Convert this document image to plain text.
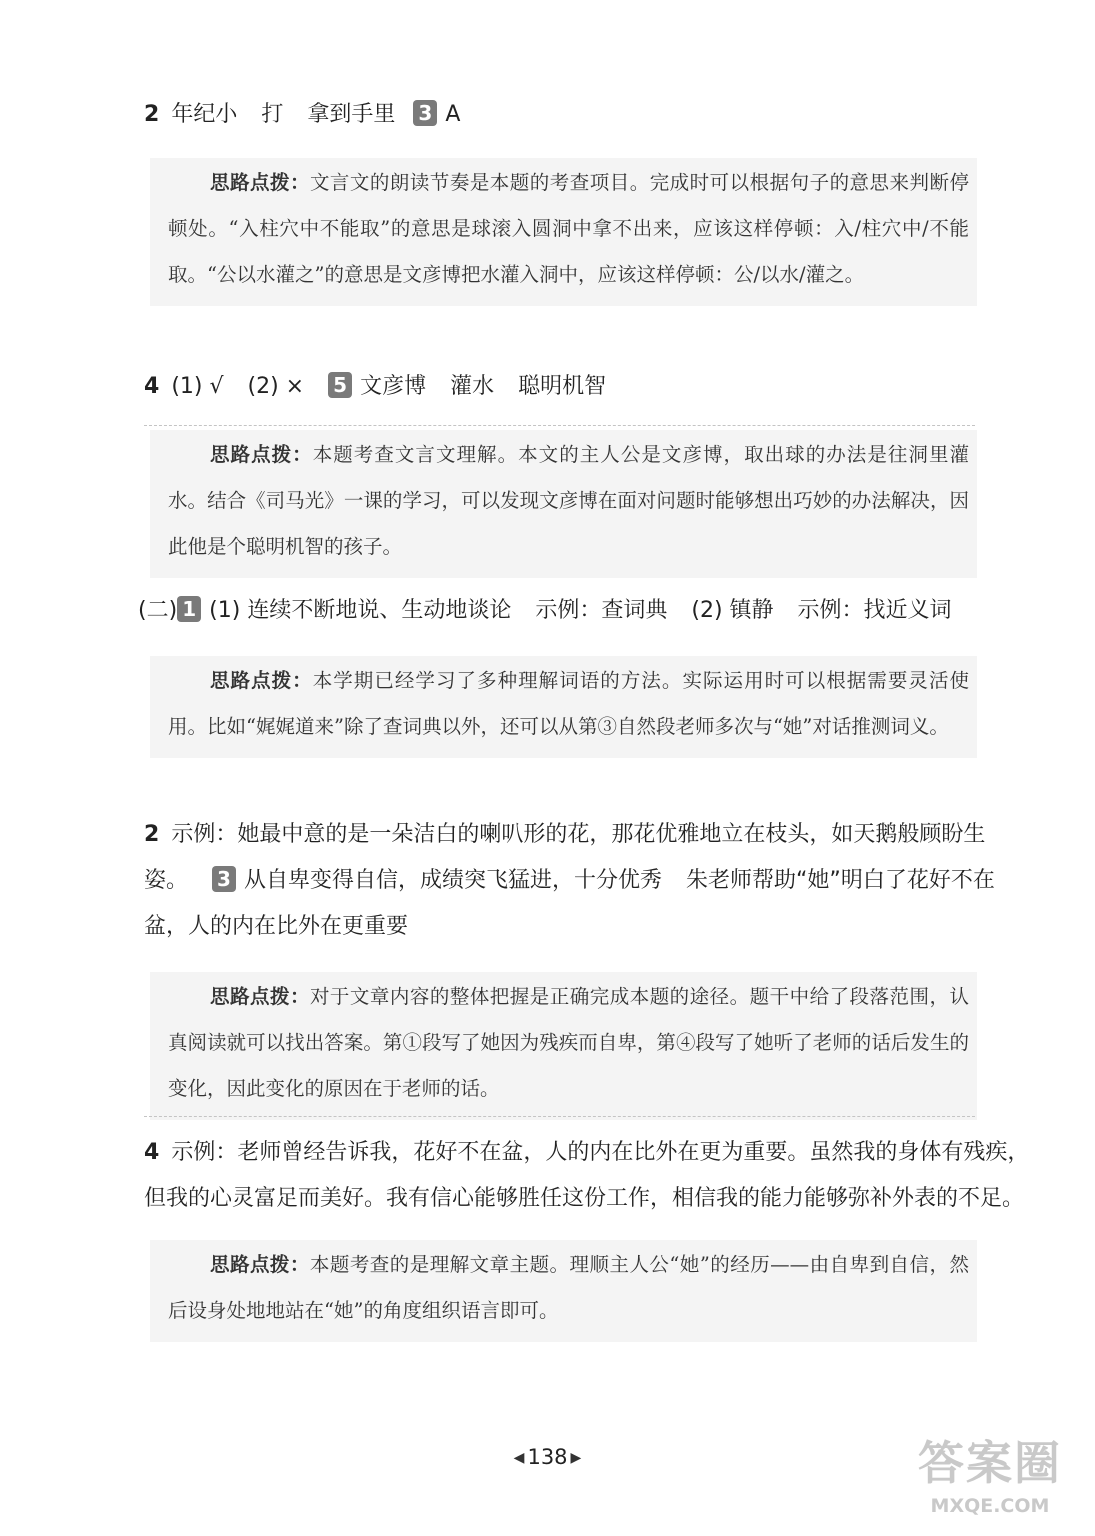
2 年纪小 打 拿到手里 3 A
思路点拨：文言文的朗读节奏是本题的考查项目。完成时可以根据句子的意思来判断停顿处。“入柱穴中不能取”的意思是球滚入圆洞中拿不出来，应该这样停顿：入/柱穴中/不能取。“公以水灌之”的意思是文彦博把水灌入洞中，应该这样停顿：公/以水/灌之。
4 (1) √ (2) × 5 文彦博 灌水 聪明机智
思路点拨：本题考查文言文理解。本文的主人公是文彦博，取出球的办法是往洞里灌水。结合《司马光》一课的学习，可以发现文彦博在面对问题时能够想出巧妙的办法解决，因此他是个聪明机智的孩子。
(二) 1 (1) 连续不断地说、生动地谈论 示例：查词典 (2) 镇静 示例：找近义词
思路点拨：本学期已经学习了多种理解词语的方法。实际运用时可以根据需要灵活使用。比如“娓娓道来”除了查词典以外，还可以从第③自然段老师多次与“她”对话推测词义。
2 示例：她最中意的是一朵洁白的喇叭形的花，那花优雅地立在枝头，如天鹅般顾盼生
姿。 3 从自卑变得自信，成绩突飞猛进，十分优秀 朱老师帮助“她”明白了花好不在
盆，人的内在比外在更重要
思路点拨：对于文章内容的整体把握是正确完成本题的途径。题干中给了段落范围，认真阅读就可以找出答案。第①段写了她因为残疾而自卑，第④段写了她听了老师的话后发生的变化，因此变化的原因在于老师的话。
4 示例：老师曾经告诉我，花好不在盆，人的内在比外在更为重要。虽然我的身体有残疾，
但我的心灵富足而美好。我有信心能够胜任这份工作，相信我的能力能够弥补外表的不足。
思路点拨：本题考查的是理解文章主题。理顺主人公“她”的经历——由自卑到自信，然后设身处地地站在“她”的角度组织语言即可。
◀ 138 ▶	答案圈
MXQE.COM
